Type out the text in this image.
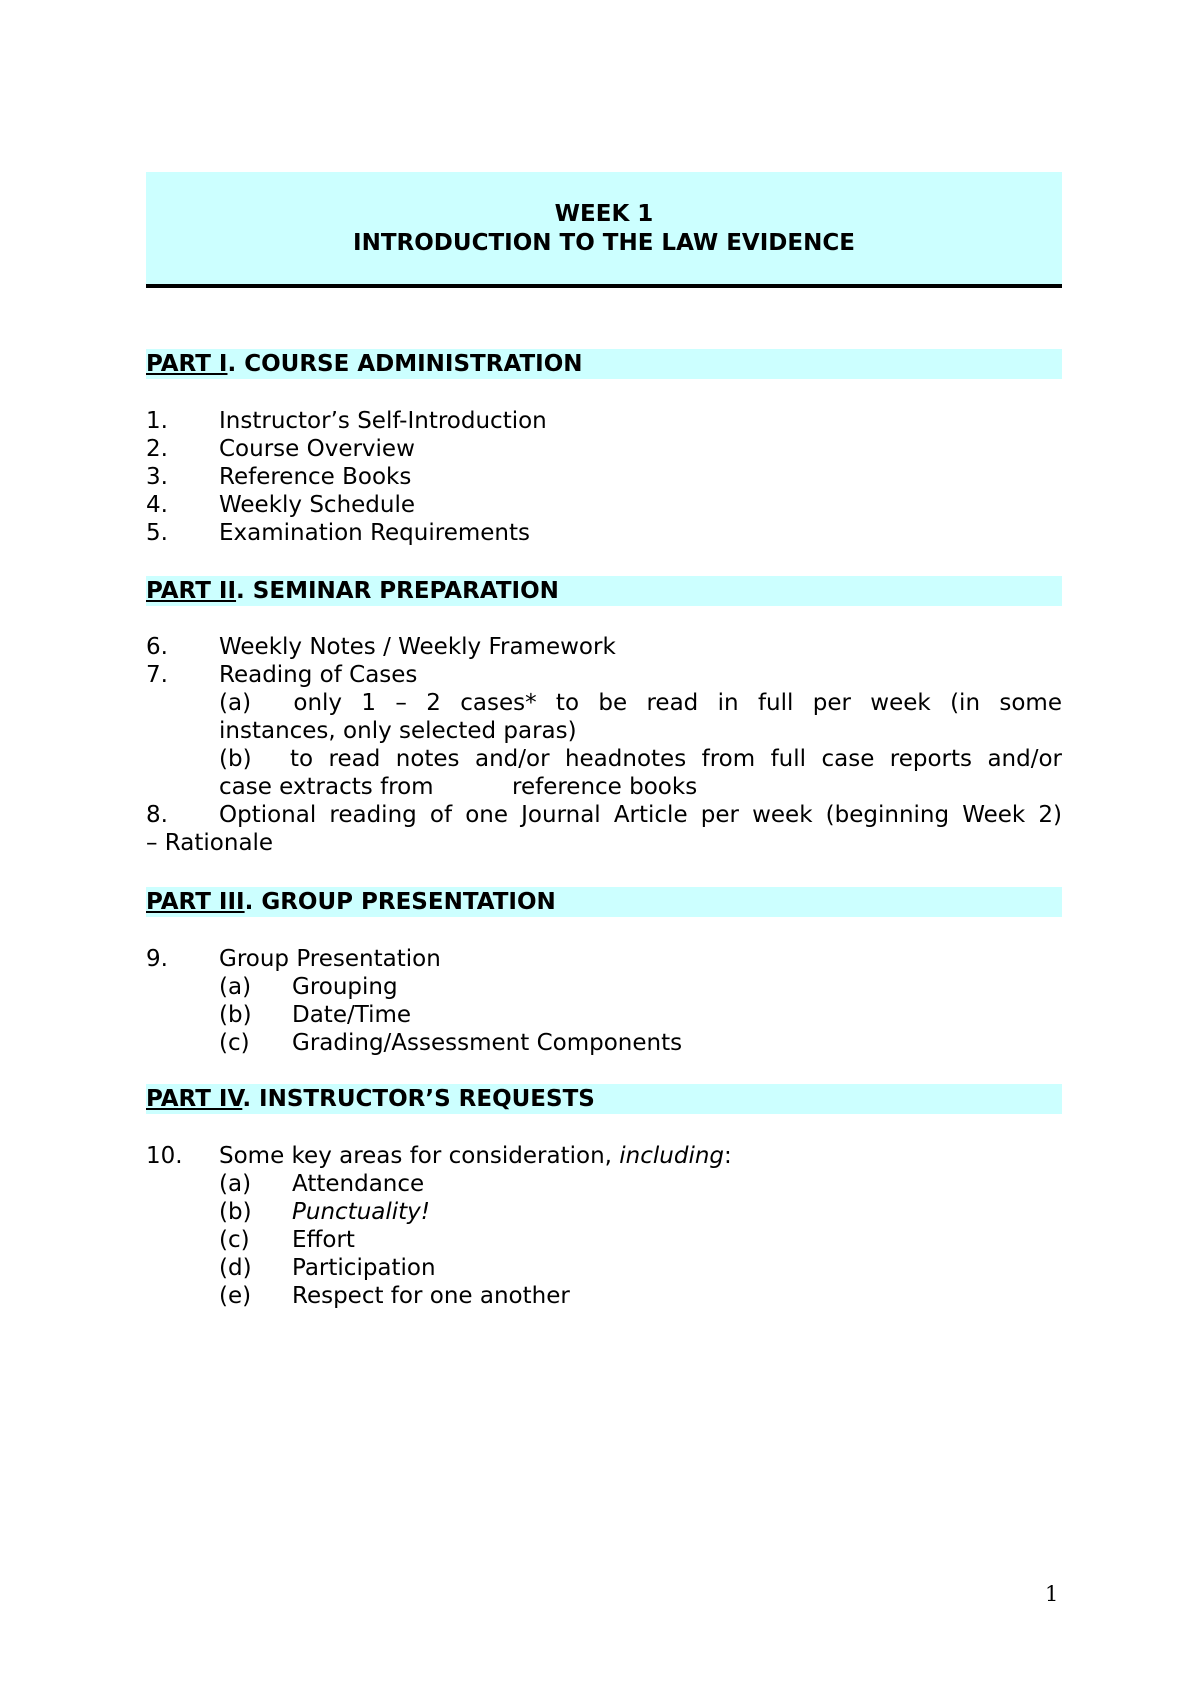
WEEK 1
INTRODUCTION TO THE LAW EVIDENCE
PART I. COURSE ADMINISTRATION
1. Instructor’s Self-Introduction
2. Course Overview
3. Reference Books
4. Weekly Schedule
5. Examination Requirements
PART II. SEMINAR PREPARATION
6. Weekly Notes / Weekly Framework
7. Reading of Cases
(a)  only 1 – 2 cases* to be read in full per week (in some
instances, only selected paras)
(b)  to read notes and/or headnotes from full case reports and/or
case extracts from	reference books
8. Optional reading of one Journal Article per week (beginning Week 2)
– Rationale
PART III. GROUP PRESENTATION
9. Group Presentation
(a) Grouping
(b) Date/Time
(c) Grading/Assessment Components
PART IV. INSTRUCTOR’S REQUESTS
10. Some key areas for consideration, including:
(a) Attendance
(b) Punctuality!
(c) Effort
(d) Participation
(e) Respect for one another
1
